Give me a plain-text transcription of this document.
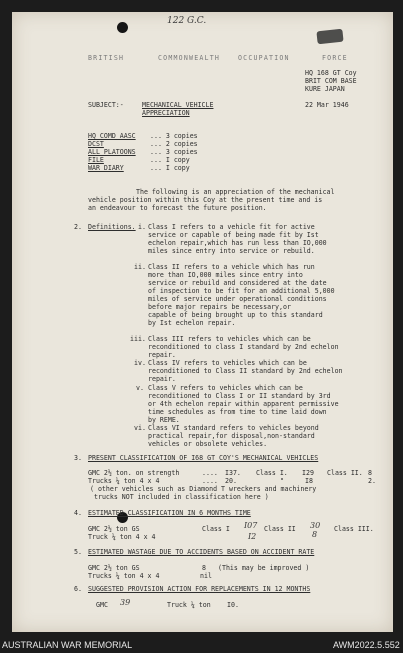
122 G.C.
BRITISH	COMMONWEALTH	OCCUPATION	FORCE
HQ 168 GT Coy
BRIT COM BASE
KURE JAPAN
22 Mar 1946
SUBJECT:-	MECHANICAL VEHICLE
APPRECIATION
HQ COMD AASC ... 3 copies
DCST	... 2 copies
ALL PLATOONS ... 3 copies
FILE	... I copy
WAR DIARY	... I copy
The following is an appreciation of the mechanical
vehicle position within this Coy at the present time and is
an endeavour to forecast the future position.
2. Definitions. i. Class I refers to a vehicle fit for active
service or capable of being made fit by Ist
echelon repair,which has run less than IO,000
miles since entry into service or rebuild.
ii. Class II refers to a vehicle which has run
more than IO,000 miles since entry into
service or rebuild and considered at the date
of inspection to be fit for an additional 5,000
miles of service under operational conditions
before major repairs be necessary,or
capable of being brought up to this standard
by Ist echelon repair.
iii. Class III refers to vehicles which can be
reconditioned to class I standard by 2nd echelon
repair.
iv. Class IV refers to vehicles which can be
reconditioned to Class II standard by 2nd echelon
repair.
v. Class V refers to vehicles which can be
reconditioned to Class I or II standard by 3rd
or 4th echelon repair within apparent permissive
time schedules as from time to time laid down
by REME.
vi. Class VI standard refers to vehicles beyond
practical repair,for disposal,non-standard
vehicles or obsolete vehicles.
3. PRESENT CLASSIFICATION OF I68 GT COY'S MECHANICAL VEHICLES
GMC 2½ ton. on strength	.... I37. Class I. I29 Class II. 8
Trucks ¼ ton 4 x 4	.... 20.	"	I8	2.
( other vehicles such as Diamond T wreckers and machinery
trucks NOT included in classification here )
4. ESTIMATED CLASSIFICATION IN 6 MONTHS TIME
GMC 2½ ton GS	Class I I07 Class II 30 Class III.
Truck ¼ ton 4 x 4	I2	8
5. ESTIMATED WASTAGE DUE TO ACCIDENTS BASED ON ACCIDENT RATE
GMC 2½ ton GS	8 (This may be improved )
Trucks ¼ ton 4 x 4	nil
6. SUGGESTED PROVISION ACTION FOR REPLACEMENTS IN 12 MONTHS
GMC 39	Truck ¼ ton I0.
AUSTRALIAN WAR MEMORIAL	AWM2022.5.552
